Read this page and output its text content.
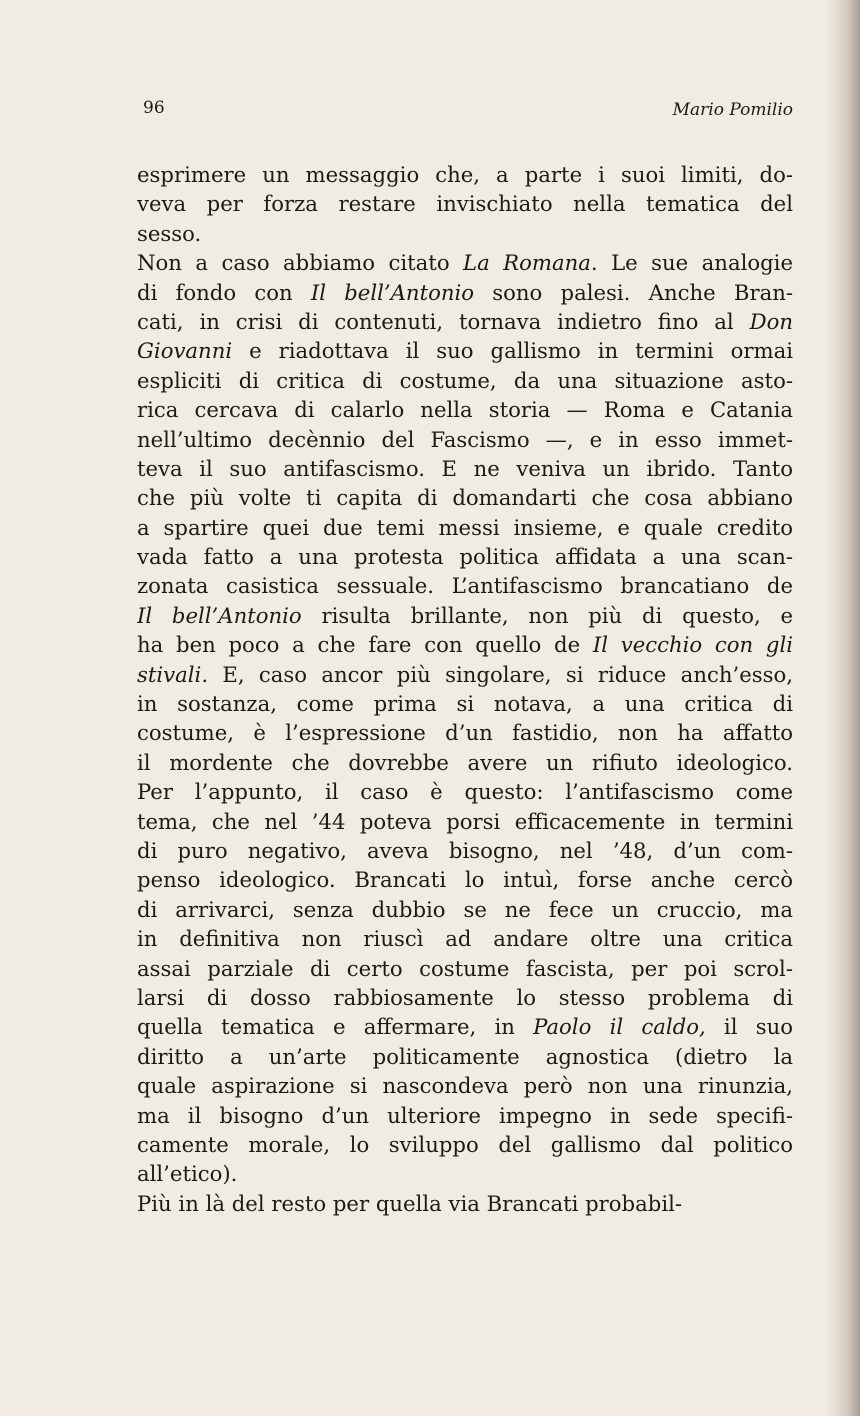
96	Mario Pomilio
esprimere un messaggio che, a parte i suoi limiti, do-
veva per forza restare invischiato nella tematica del
sesso.
Non a caso abbiamo citato La Romana. Le sue analogie
di fondo con Il bell’Antonio sono palesi. Anche Bran-
cati, in crisi di contenuti, tornava indietro fino al Don
Giovanni e riadottava il suo gallismo in termini ormai
espliciti di critica di costume, da una situazione asto-
rica cercava di calarlo nella storia — Roma e Catania
nell’ultimo decènnio del Fascismo —, e in esso immet-
teva il suo antifascismo. E ne veniva un ibrido. Tanto
che più volte ti capita di domandarti che cosa abbiano
a spartire quei due temi messi insieme, e quale credito
vada fatto a una protesta politica affidata a una scan-
zonata casistica sessuale. L’antifascismo brancatiano de
Il bell’Antonio risulta brillante, non più di questo, e
ha ben poco a che fare con quello de Il vecchio con gli
stivali. E, caso ancor più singolare, si riduce anch’esso,
in sostanza, come prima si notava, a una critica di
costume, è l’espressione d’un fastidio, non ha affatto
il mordente che dovrebbe avere un rifiuto ideologico.
Per l’appunto, il caso è questo: l’antifascismo come
tema, che nel ’44 poteva porsi efficacemente in termini
di puro negativo, aveva bisogno, nel ’48, d’un com-
penso ideologico. Brancati lo intuì, forse anche cercò
di arrivarci, senza dubbio se ne fece un cruccio, ma
in definitiva non riuscì ad andare oltre una critica
assai parziale di certo costume fascista, per poi scrol-
larsi di dosso rabbiosamente lo stesso problema di
quella tematica e affermare, in Paolo il caldo, il suo
diritto a un’arte politicamente agnostica (dietro la
quale aspirazione si nascondeva però non una rinunzia,
ma il bisogno d’un ulteriore impegno in sede specifi-
camente morale, lo sviluppo del gallismo dal politico
all’etico).
Più in là del resto per quella via Brancati probabil-
